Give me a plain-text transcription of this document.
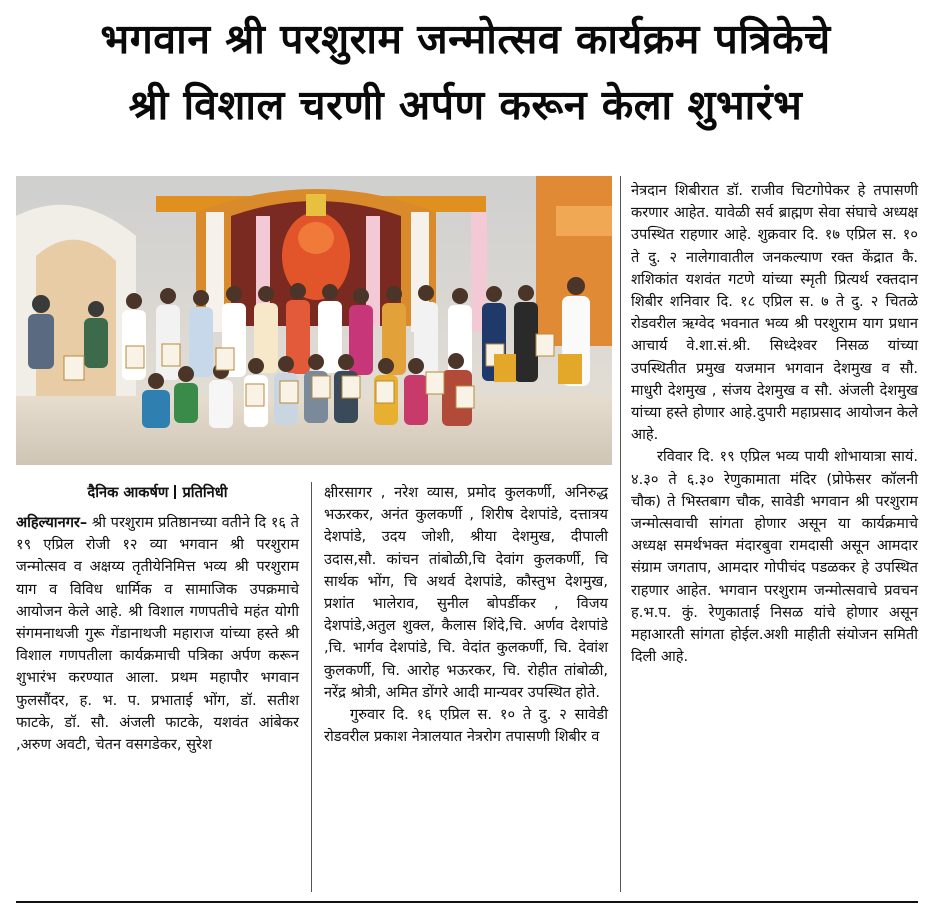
भगवान श्री परशुराम जन्मोत्सव कार्यक्रम पत्रिकेचे
श्री विशाल चरणी अर्पण करून केला शुभारंभ
दैनिक आकर्षण प्रतिनिधी

अहिल्यानगर– श्री परशुराम प्रतिष्ठानच्या वतीने दि १६ ते १९ एप्रिल रोजी १२ व्या भगवान श्री परशुराम जन्मोत्सव व अक्षय्य तृतीयेनिमित्त भव्य श्री परशुराम याग व विविध धार्मिक व सामाजिक उपक्रमाचे आयोजन केले आहे. श्री विशाल गणपतीचे महंत योगी संगमनाथजी गुरू गेंडानाथजी महाराज यांच्या हस्ते श्री विशाल गणपतीला कार्यक्रमाची पत्रिका अर्पण करून शुभारंभ करण्यात आला. प्रथम महापौर भगवान फुलसौंदर, ह. भ. प. प्रभाताई भोंग, डॉ. सतीश फाटके, डॉ. सौ. अंजली फाटके, यशवंत आंबेकर ,अरुण अवटी, चेतन वसगडेकर, सुरेश

क्षीरसागर , नरेश व्यास, प्रमोद कुलकर्णी, अनिरुद्ध भऊरकर, अनंत कुलकर्णी , शिरीष देशपांडे, दत्तात्रय देशपांडे, उदय जोशी, श्रीया देशमुख, दीपाली उदास,सौ. कांचन तांबोळी,चि देवांग कुलकर्णी, चि सार्थक भोंग, चि अथर्व देशपांडे, कौस्तुभ देशमुख, प्रशांत भालेराव, सुनील बोपर्डीकर , विजय देशपांडे,अतुल शुक्ल, कैलास शिंदे,चि. अर्णव देशपांडे ,चि. भार्गव देशपांडे, चि. वेदांत कुलकर्णी, चि. देवांश कुलकर्णी, चि. आरोह भऊरकर, चि. रोहीत तांबोळी, नरेंद्र श्रोत्री, अमित डोंगरे आदी मान्यवर उपस्थित होते.

गुरुवार दि. १६ एप्रिल स. १० ते दु. २ सावेडी रोडवरील प्रकाश नेत्रालयात नेत्ररोग तपासणी शिबीर व

नेत्रदान शिबीरात डॉ. राजीव चिटगोपेकर हे तपासणी करणार आहेत. यावेळी सर्व ब्राह्मण सेवा संघाचे अध्यक्ष उपस्थित राहणार आहे. शुक्रवार दि. १७ एप्रिल स. १० ते दु. २ नालेगावातील जनकल्याण रक्त केंद्रात कै. शशिकांत यशवंत गटणे यांच्या स्मृती प्रित्यर्थ रक्तदान शिबीर शनिवार दि. १८ एप्रिल स. ७ ते दु. २ चितळे रोडवरील ऋग्वेद भवनात भव्य श्री परशुराम याग प्रधान आचार्य वे.शा.सं.श्री. सिध्देश्वर निसळ यांच्या उपस्थितीत प्रमुख यजमान भगवान देशमुख व सौ. माधुरी देशमुख , संजय देशमुख व सौ. अंजली देशमुख यांच्या हस्ते होणार आहे.दुपारी महाप्रसाद आयोजन केले आहे.

रविवार दि. १९ एप्रिल भव्य पायी शोभायात्रा सायं. ४.३० ते ६.३० रेणुकामाता मंदिर (प्रोफेसर कॉलनी चौक) ते भिस्तबाग चौक, सावेडी भगवान श्री परशुराम जन्मोत्सवाची सांगता होणार असून या कार्यक्रमाचे अध्यक्ष समर्थभक्त मंदारबुवा रामदासी असून आमदार संग्राम जगताप, आमदार गोपीचंद पडळकर हे उपस्थित राहणार आहेत. भगवान परशुराम जन्मोत्सवाचे प्रवचन ह.भ.प. कुं. रेणुकाताई निसळ यांचे होणार असून महाआरती सांगता होईल.अशी माहीती संयोजन समिती दिली आहे.
